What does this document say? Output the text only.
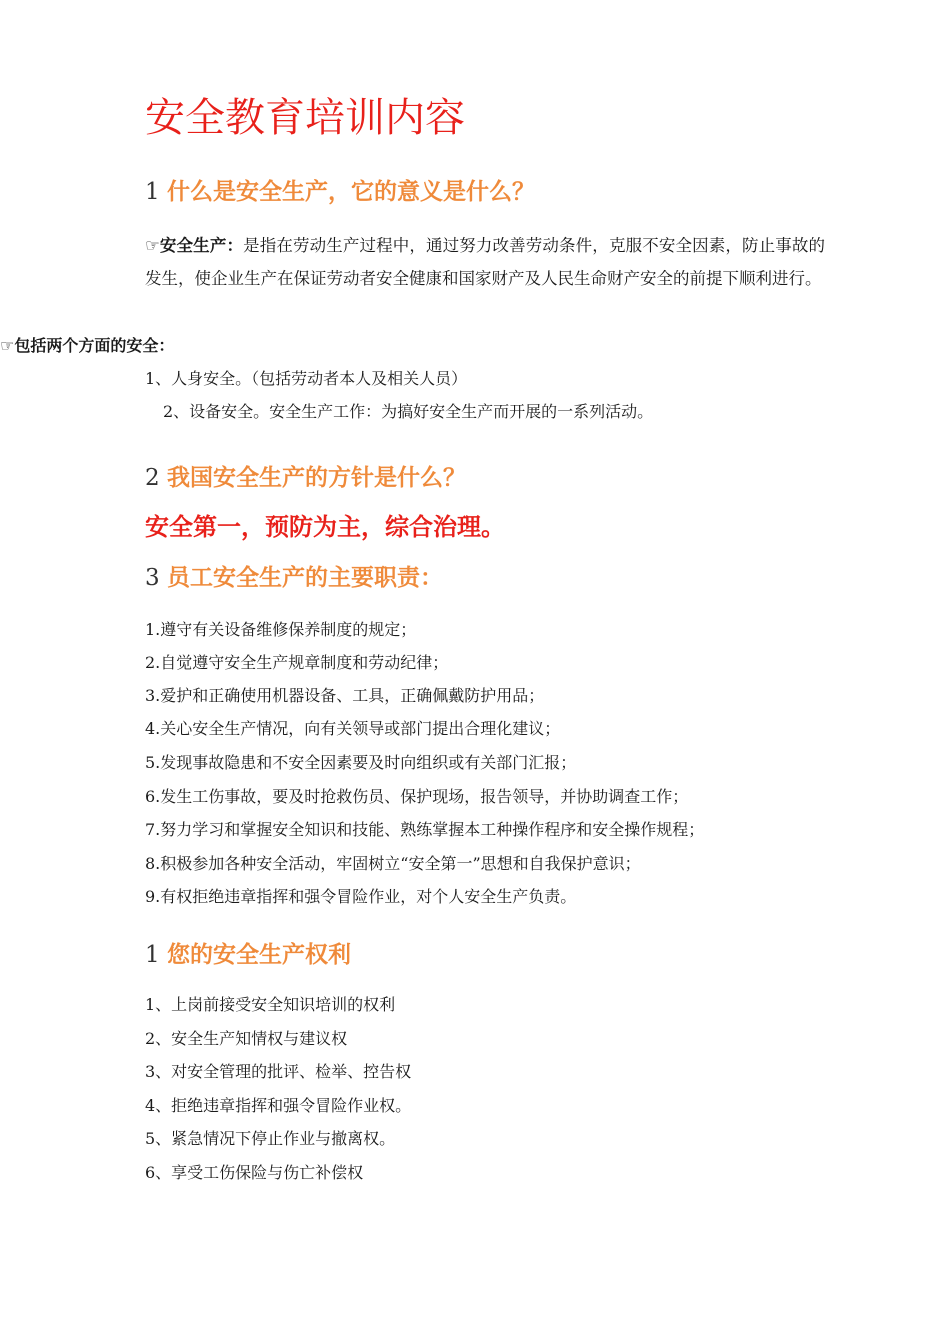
安全教育培训内容
1 什么是安全生产，它的意义是什么？
☞安全生产：是指在劳动生产过程中，通过努力改善劳动条件，克服不安全因素，防止事故的发生，使企业生产在保证劳动者安全健康和国家财产及人民生命财产安全的前提下顺利进行。
☞包括两个方面的安全：
1、人身安全。（包括劳动者本人及相关人员）
2、设备安全。安全生产工作：为搞好安全生产而开展的一系列活动。
2 我国安全生产的方针是什么？
安全第一，预防为主，综合治理。
3 员工安全生产的主要职责：
1.遵守有关设备维修保养制度的规定；
2.自觉遵守安全生产规章制度和劳动纪律；
3.爱护和正确使用机器设备、工具，正确佩戴防护用品；
4.关心安全生产情况，向有关领导或部门提出合理化建议；
5.发现事故隐患和不安全因素要及时向组织或有关部门汇报；
6.发生工伤事故，要及时抢救伤员、保护现场，报告领导，并协助调查工作；
7.努力学习和掌握安全知识和技能、熟练掌握本工种操作程序和安全操作规程；
8.积极参加各种安全活动，牢固树立“安全第一”思想和自我保护意识；
9.有权拒绝违章指挥和强令冒险作业，对个人安全生产负责。
1 您的安全生产权利
1、上岗前接受安全知识培训的权利
2、安全生产知情权与建议权
3、对安全管理的批评、检举、控告权
4、拒绝违章指挥和强令冒险作业权。
5、紧急情况下停止作业与撤离权。
6、享受工伤保险与伤亡补偿权
